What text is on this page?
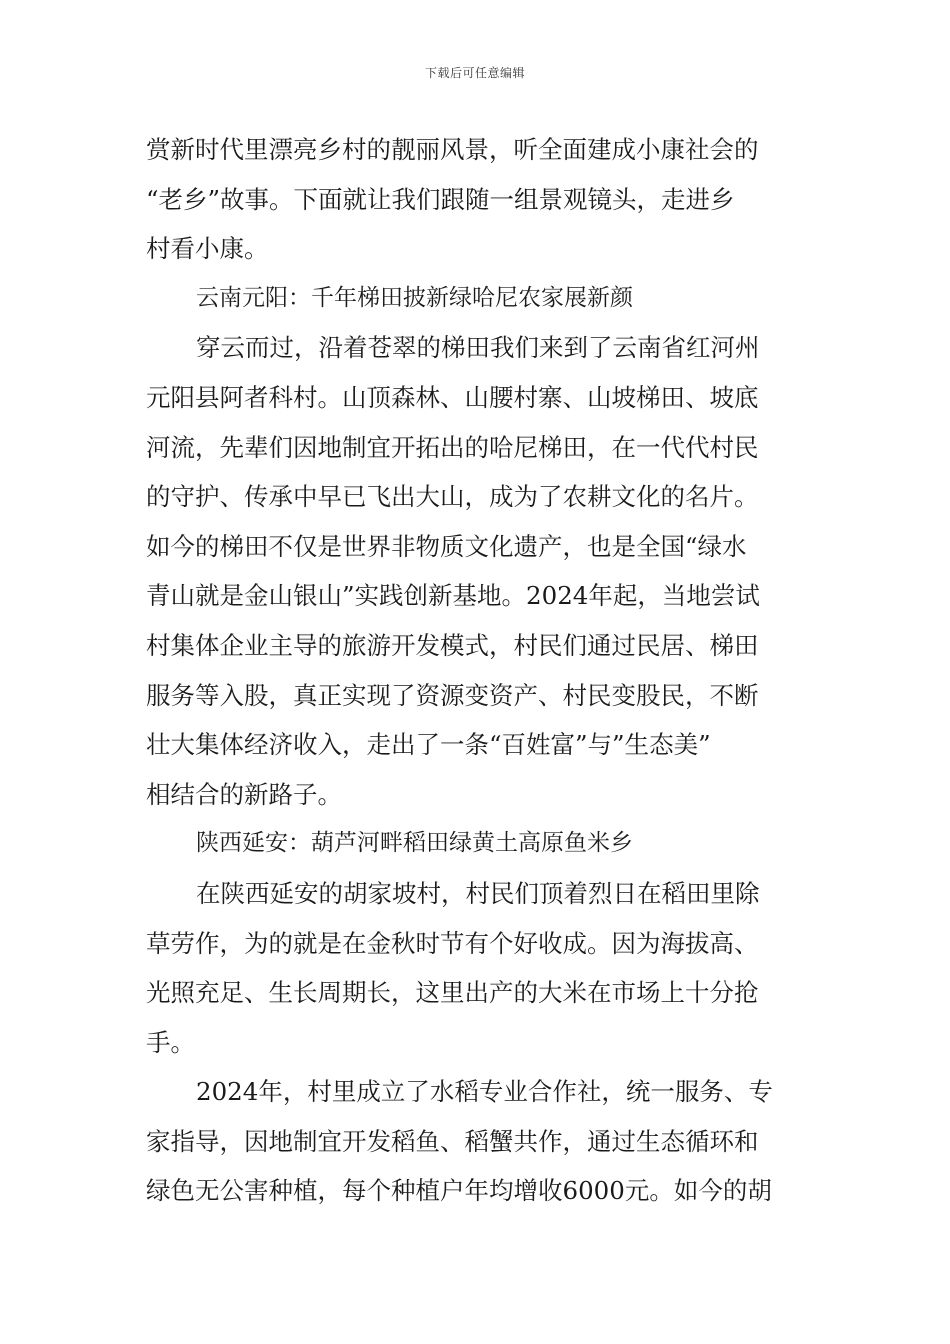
下载后可任意编辑
赏新时代里漂亮乡村的靓丽风景，听全面建成小康社会的
“老乡”故事。下面就让我们跟随一组景观镜头，走进乡
村看小康。
云南元阳：千年梯田披新绿哈尼农家展新颜
穿云而过，沿着苍翠的梯田我们来到了云南省红河州
元阳县阿者科村。山顶森林、山腰村寨、山坡梯田、坡底
河流，先辈们因地制宜开拓出的哈尼梯田，在一代代村民
的守护、传承中早已飞出大山，成为了农耕文化的名片。
如今的梯田不仅是世界非物质文化遗产，也是全国“绿水
青山就是金山银山”实践创新基地。2024年起，当地尝试
村集体企业主导的旅游开发模式，村民们通过民居、梯田
服务等入股，真正实现了资源变资产、村民变股民，不断
壮大集体经济收入，走出了一条“百姓富”与”生态美”
相结合的新路子。
陕西延安：葫芦河畔稻田绿黄土高原鱼米乡
在陕西延安的胡家坡村，村民们顶着烈日在稻田里除
草劳作，为的就是在金秋时节有个好收成。因为海拔高、
光照充足、生长周期长，这里出产的大米在市场上十分抢
手。
2024年，村里成立了水稻专业合作社，统一服务、专
家指导，因地制宜开发稻鱼、稻蟹共作，通过生态循环和
绿色无公害种植，每个种植户年均增收6000元。如今的胡
